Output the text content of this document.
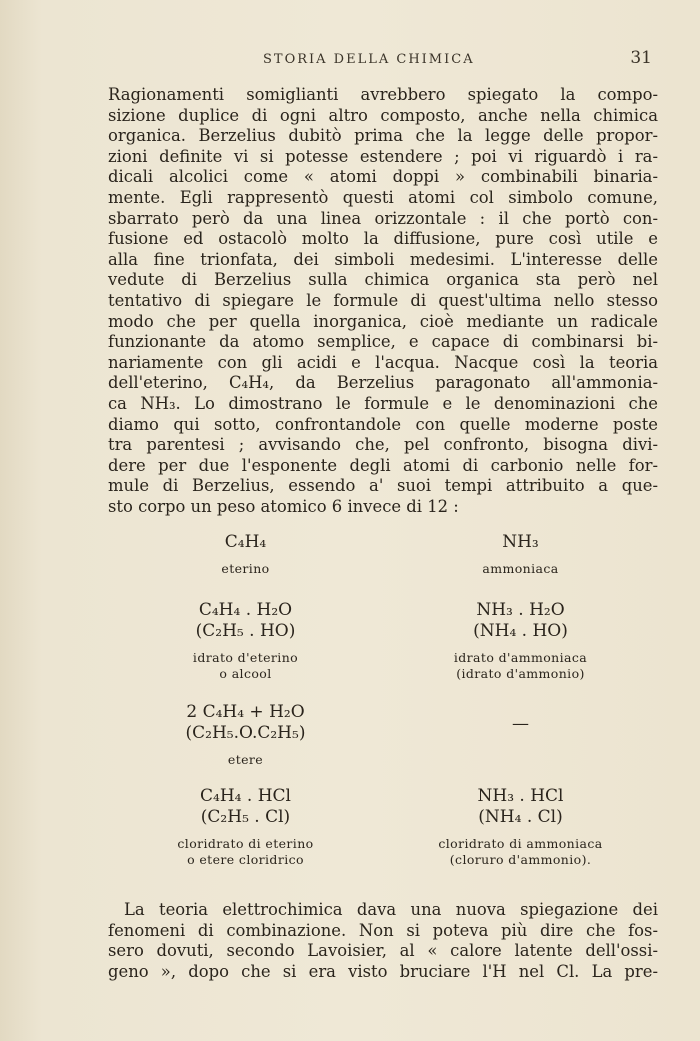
STORIA DELLA CHIMICA	31
Ragionamenti somiglianti avrebbero spiegato la compo-
sizione duplice di ogni altro composto, anche nella chimica
organica. Berzelius dubitò prima che la legge delle propor-
zioni definite vi si potesse estendere ; poi vi riguardò i ra-
dicali alcolici come « atomi doppi » combinabili binaria-
mente. Egli rappresentò questi atomi col simbolo comune,
sbarrato però da una linea orizzontale : il che portò con-
fusione ed ostacolò molto la diffusione, pure così utile e
alla fine trionfata, dei simboli medesimi. L'interesse delle
vedute di Berzelius sulla chimica organica sta però nel
tentativo di spiegare le formule di quest'ultima nello stesso
modo che per quella inorganica, cioè mediante un radicale
funzionante da atomo semplice, e capace di combinarsi bi-
nariamente con gli acidi e l'acqua. Nacque così la teoria
dell'eterino, C₄H₄, da Berzelius paragonato all'ammonia-
ca NH₃. Lo dimostrano le formule e le denominazioni che
diamo qui sotto, confrontandole con quelle moderne poste
tra parentesi ; avvisando che, pel confronto, bisogna divi-
dere per due l'esponente degli atomi di carbonio nelle for-
mule di Berzelius, essendo a' suoi tempi attribuito a que-
sto corpo un peso atomico 6 invece di 12 :
C₄H₄
eterino
NH₃
ammoniaca
C₄H₄ . H₂O
(C₂H₅ . HO)
idrato d'eterino
o alcool
NH₃ . H₂O
(NH₄ . HO)
idrato d'ammoniaca
(idrato d'ammonio)
2 C₄H₄ + H₂O
(C₂H₅.O.C₂H₅)
etere
—
C₄H₄ . HCl
(C₂H₅ . Cl)
cloridrato di eterino
o etere cloridrico
NH₃ . HCl
(NH₄ . Cl)
cloridrato di ammoniaca
(cloruro d'ammonio).
La teoria elettrochimica dava una nuova spiegazione dei
fenomeni di combinazione. Non si poteva più dire che fos-
sero dovuti, secondo Lavoisier, al « calore latente dell'ossi-
geno », dopo che si era visto bruciare l'H nel Cl. La pre-
